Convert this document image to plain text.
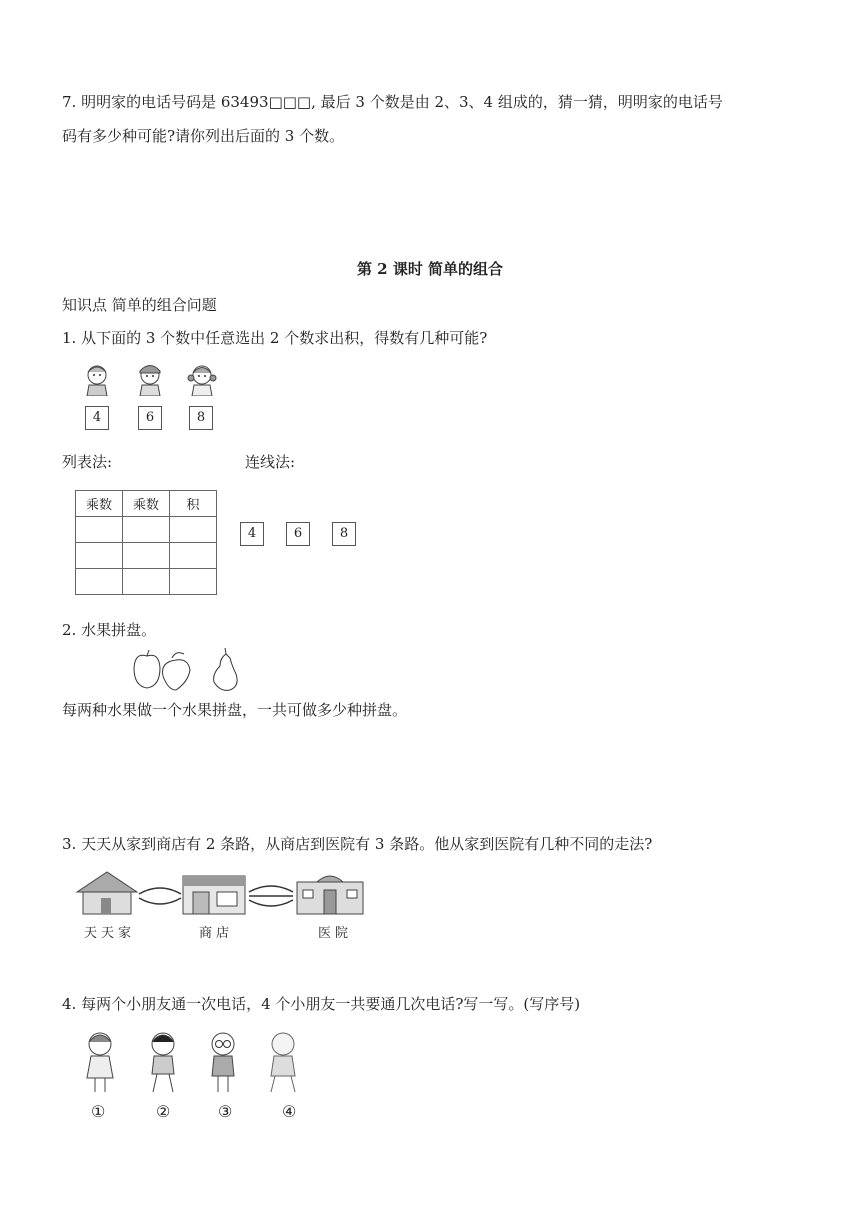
7. 明明家的电话号码是 63493□□□, 最后 3 个数是由 2、3、4 组成的，猜一猜，明明家的电话号
码有多少种可能?请你列出后面的 3 个数。
第 2 课时 简单的组合
知识点 简单的组合问题
1. 从下面的 3 个数中任意选出 2 个数求出积，得数有几种可能?
4	6	8
列表法:	连线法:
乘数	乘数	积

4	6	8
2. 水果拼盘。
每两种水果做一个水果拼盘，一共可做多少种拼盘。
3. 天天从家到商店有 2 条路，从商店到医院有 3 条路。他从家到医院有几种不同的走法?
天天家	商店	医院
4. 每两个小朋友通一次电话，4 个小朋友一共要通几次电话?写一写。(写序号)
①	②	③	④
